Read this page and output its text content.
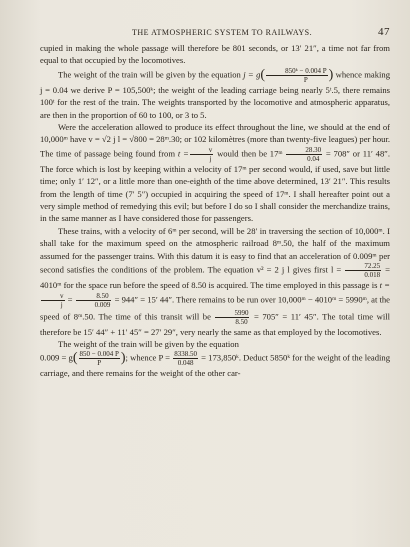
THE ATMOSPHERIC SYSTEM TO RAILWAYS.	47

cupied in making the whole passage will therefore be 801 seconds, or 13′ 21″, a time not far from equal to that occupied by the locomotives.

The weight of the train will be given by the equation $j = g( \frac{\text{850ᵏ − 0.004 P}}{P}$ ) whence making j = 0.04 we derive P = 105,500ᵏ; the weight of the leading carriage being nearly 5ᵗ.5, there remains 100ᵗ for the rest of the train. The weights transported by the locomotive and atmospheric apparatus, are then in the proportion of 60 to 100, or 3 to 5.

Were the acceleration allowed to produce its effect throughout the line, we should at the end of 10,000ᵐ have v = √2 j l = √800 = 28ᵐ.30; or 102 kilomètres (more than twenty-five leagues) per hour. The time of passage being found from $t = \frac{v}{j}$ would then be 17ᵐ $\frac{28.30}{0.04} = 708''$ or 11′ 48″. The force which is lost by keeping within a velocity of 17ᵐ per second would, if used, save but little time; only 1′ 12″, or a little more than one-eighth of the time above determined, 13′ 21″. This results from the length of time (7′ 5″) occupied in acquiring the speed of 17ᵐ. I shall hereafter point out a very simple method of remedying this evil; but before I do so I shall consider the merchandize trains, in the same manner as I have considered those for passengers.

These trains, with a velocity of 6ᵐ per second, will be 28′ in traversing the section of 10,000ᵐ. I shall take for the maximum speed on the atmospheric railroad 8ᵐ.50, the half of the maximum assumed for the passenger trains. With this datum it is easy to find that an acceleration of 0.009ᵐ per second satisfies the conditions of the problem. The equation v² = 2 j l gives first $l = \frac{72.25}{0.018}$ = 4010ᵐ for the space run before the speed of 8.50 is acquired. The time employed in this passage is t =
$\frac{v}{j} = \frac{8.50}{0.009} = 944'' = 15'$ 44″. There remains to be run over 10,000ᵐ − 4010ᵐ = 5990ᵐ, at the speed of 8ᵐ.50. The time of this transit will be $\frac{5990}{8.50} = 705'' = 11'$ 45″. The total time will therefore be 15′ 44″ + 11′ 45″ = 27′ 29″, very nearly the same as that employed by the locomotives.

The weight of the train will be given by the equation

$0.009 = g( \frac{850 - 0.004 P}{P}$ ); whence $P = \frac{8338.50}{0.048}$ = 173,850ᵏ. Deduct 5850ᵏ for the weight of the leading carriage, and there remains for the weight of the other car-
